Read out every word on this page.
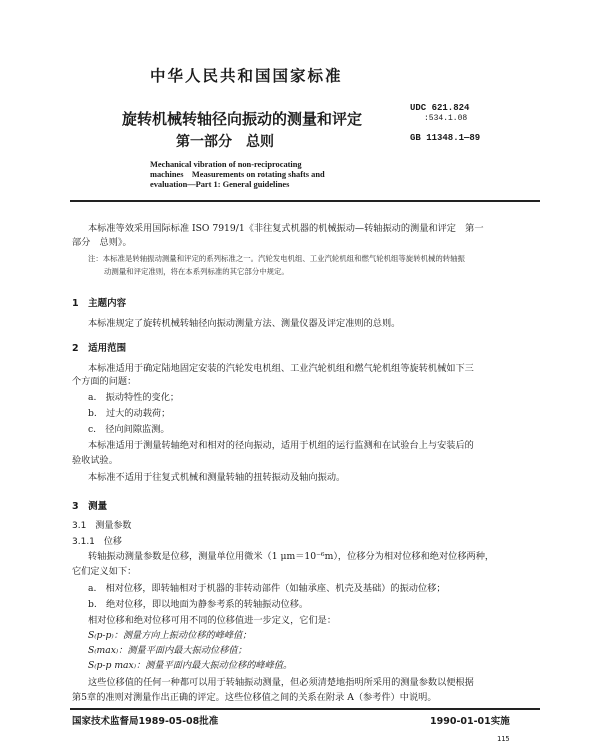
中华人民共和国国家标准
旋转机械转轴径向振动的测量和评定
第一部分　总则
UDC 621.824
:534.1.08
GB 11348.1—89
Mechanical vibration of non-reciprocating
machines　Measurements on rotating shafts and
evaluation—Part 1: General guidelines
本标准等效采用国际标准 ISO 7919/1《非往复式机器的机械振动—转轴振动的测量和评定　第一
部分　总则》。
注：本标准是转轴振动测量和评定的系列标准之一。汽轮发电机组、工业汽轮机组和燃气轮机组等旋转机械的转轴振
动测量和评定准则，将在本系列标准的其它部分中规定。
1　主题内容
本标准规定了旋转机械转轴径向振动测量方法、测量仪器及评定准则的总则。
2　适用范围
本标准适用于确定陆地固定安装的汽轮发电机组、工业汽轮机组和燃气轮机组等旋转机械如下三
个方面的问题：
a.　振动特性的变化；
b.　过大的动载荷；
c.　径向间隙监测。
本标准适用于测量转轴绝对和相对的径向振动，适用于机组的运行监测和在试验台上与安装后的
验收试验。
本标准不适用于往复式机械和测量转轴的扭转振动及轴向振动。
3　测量
3.1　测量参数
3.1.1　位移
转轴振动测量参数是位移，测量单位用微米（1 μm＝10⁻⁶m），位移分为相对位移和绝对位移两种，
它们定义如下：
a.　相对位移，即转轴相对于机器的非转动部件（如轴承座、机壳及基础）的振动位移；
b.　绝对位移，即以地面为静参考系的转轴振动位移。
相对位移和绝对位移可用不同的位移值进一步定义，它们是：
S₍p-p₎：测量方向上振动位移的峰峰值；
S₍max₎：测量平面内最大振动位移值；
S₍p-p max₎：测量平面内最大振动位移的峰峰值。
这些位移值的任何一种都可以用于转轴振动测量，但必须清楚地指明所采用的测量参数以便根据
第5章的准则对测量作出正确的评定。这些位移值之间的关系在附录 A（参考件）中说明。
国家技术监督局1989-05-08批准	1990-01-01实施
115
